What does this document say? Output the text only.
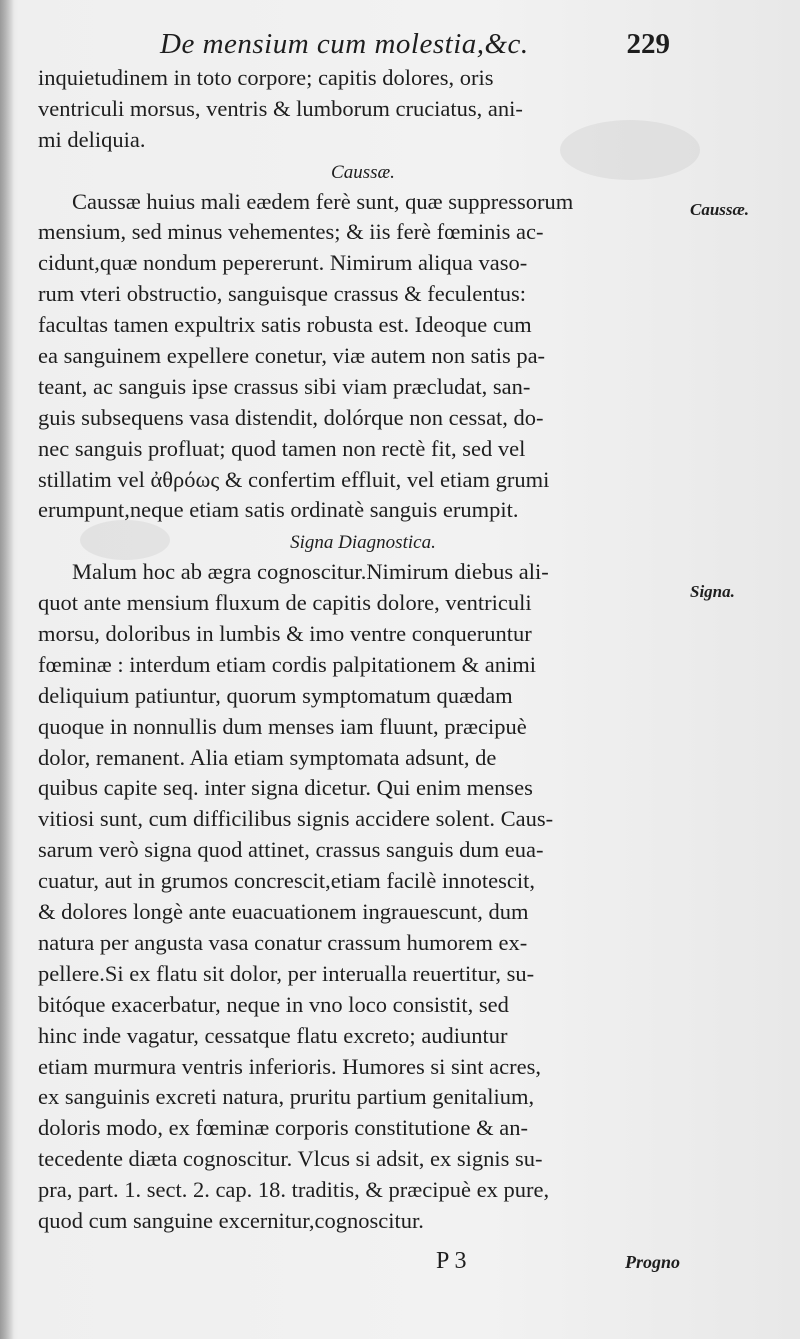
De mensium cum molestia,&c.	229
inquietudinem in toto corpore; capitis dolores, oris
ventriculi morsus, ventris & lumborum cruciatus, ani-
mi deliquia.
Caussæ.
Caussæ huius mali eædem ferè sunt, quæ suppressorum
mensium, sed minus vehementes; & iis ferè fœminis ac-
cidunt,quæ nondum pepererunt. Nimirum aliqua vaso-
rum vteri obstructio, sanguisque crassus & feculentus:
facultas tamen expultrix satis robusta est. Ideoque cum
ea sanguinem expellere conetur, viæ autem non satis pa-
teant, ac sanguis ipse crassus sibi viam præcludat, san-
guis subsequens vasa distendit, dolórque non cessat, do-
nec sanguis profluat; quod tamen non rectè fit, sed vel
stillatim vel ἀθρόως & confertim effluit, vel etiam grumi
erumpunt,neque etiam satis ordinatè sanguis erumpit.
Signa Diagnostica.
Malum hoc ab ægra cognoscitur.Nimirum diebus ali-
quot ante mensium fluxum de capitis dolore, ventriculi
morsu, doloribus in lumbis & imo ventre conqueruntur
fœminæ : interdum etiam cordis palpitationem & animi
deliquium patiuntur, quorum symptomatum quædam
quoque in nonnullis dum menses iam fluunt, præcipuè
dolor, remanent. Alia etiam symptomata adsunt, de
quibus capite seq. inter signa dicetur. Qui enim menses
vitiosi sunt, cum difficilibus signis accidere solent. Caus-
sarum verò signa quod attinet, crassus sanguis dum eua-
cuatur, aut in grumos concrescit,etiam facilè innotescit,
& dolores longè ante euacuationem ingrauescunt, dum
natura per angusta vasa conatur crassum humorem ex-
pellere.Si ex flatu sit dolor, per interualla reuertitur, su-
bitóque exacerbatur, neque in vno loco consistit, sed
hinc inde vagatur, cessatque flatu excreto; audiuntur
etiam murmura ventris inferioris. Humores si sint acres,
ex sanguinis excreti natura, pruritu partium genitalium,
doloris modo, ex fœminæ corporis constitutione & an-
tecedente diæta cognoscitur. Vlcus si adsit, ex signis su-
pra, part. 1. sect. 2. cap. 18. traditis, & præcipuè ex pure,
quod cum sanguine excernitur,cognoscitur.
Caussæ.
Signa.
P 3	Progno
